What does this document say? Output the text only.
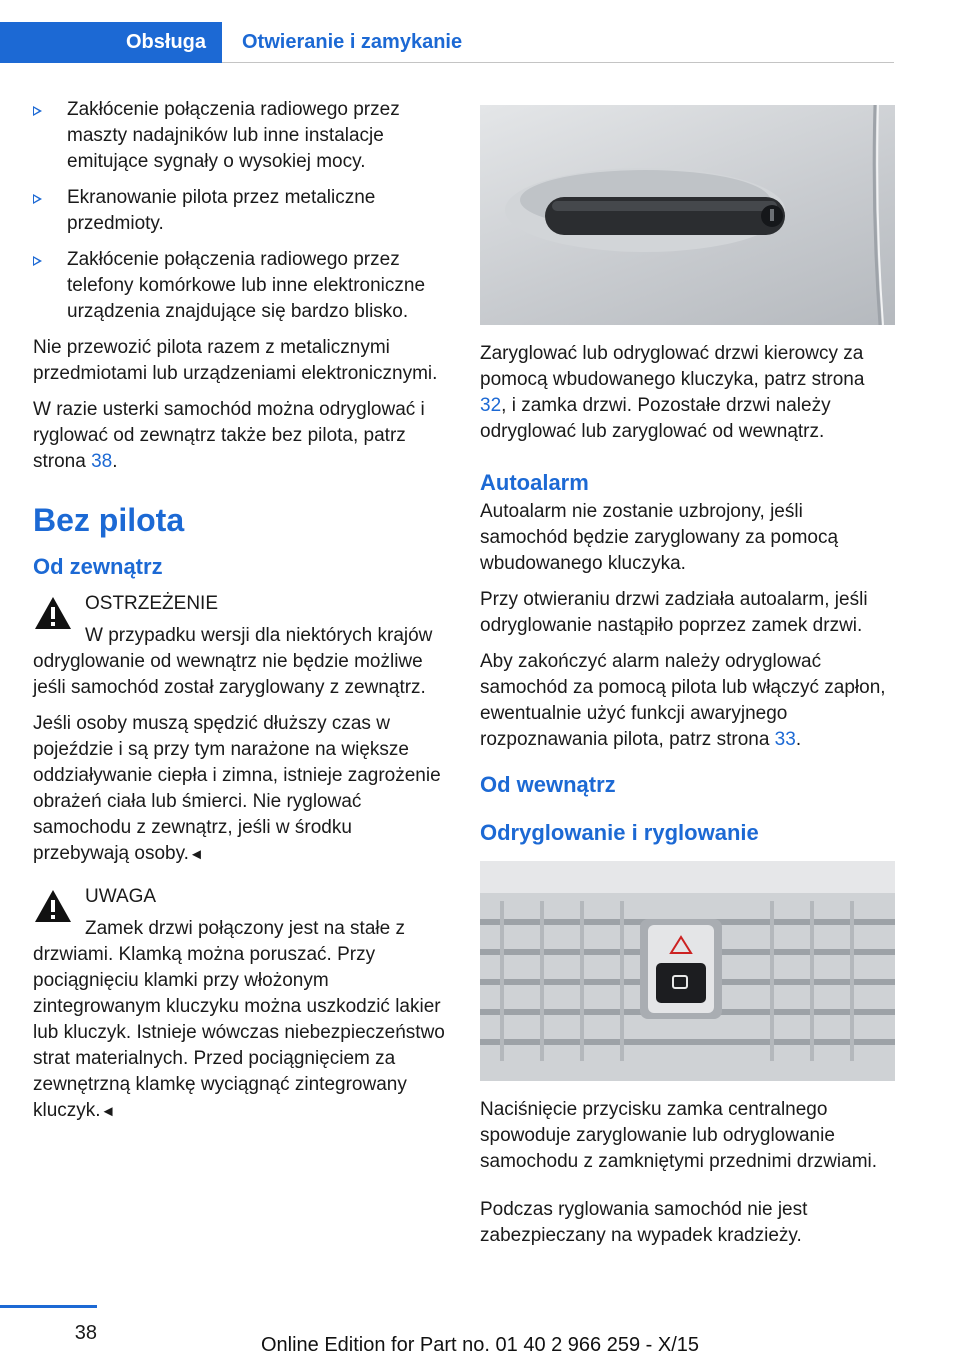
Obsługa	Otwieranie i zamykanie
Zakłócenie połączenia radiowego przez maszty nadajników lub inne instalacje emitujące sygnały o wysokiej mocy.
Ekranowanie pilota przez metaliczne przedmioty.
Zakłócenie połączenia radiowego przez telefony komórkowe lub inne elektroniczne urządzenia znajdujące się bardzo blisko.

Nie przewozić pilota razem z metalicznymi przedmiotami lub urządzeniami elektronicznymi.

W razie usterki samochód można odryglować i ryglować od zewnątrz także bez pilota, patrz strona 38.

Bez pilota
Od zewnątrz
OSTRZEŻENIE

W przypadku wersji dla niektórych krajów odryglowanie od wewnątrz nie będzie możliwe jeśli samochód został zaryglowany z zewnątrz.

Jeśli osoby muszą spędzić dłuższy czas w pojeździe i są przy tym narażone na większe oddziaływanie ciepła i zimna, istnieje zagrożenie obrażeń ciała lub śmierci. Nie ryglować samochodu z zewnątrz, jeśli w środku przebywają osoby.◄

UWAGA

Zamek drzwi połączony jest na stałe z drzwiami. Klamką można poruszać. Przy pociągnięciu klamki przy włożonym zintegrowanym kluczyku można uszkodzić lakier lub kluczyk. Istnieje wówczas niebezpieczeństwo strat materialnych. Przed pociągnięciem za zewnętrzną klamkę wyciągnąć zintegrowany kluczyk.◄

Zaryglować lub odryglować drzwi kierowcy za pomocą wbudowanego kluczyka, patrz strona 32, i zamka drzwi. Pozostałe drzwi należy odryglować lub zaryglować od wewnątrz.

Autoalarm

Autoalarm nie zostanie uzbrojony, jeśli samochód będzie zaryglowany za pomocą wbudowanego kluczyka.

Przy otwieraniu drzwi zadziała autoalarm, jeśli odryglowanie nastąpiło poprzez zamek drzwi.

Aby zakończyć alarm należy odryglować samochód za pomocą pilota lub włączyć zapłon, ewentualnie użyć funkcji awaryjnego rozpoznawania pilota, patrz strona 33.

Od wewnątrz
Odryglowanie i ryglowanie

Naciśnięcie przycisku zamka centralnego spowoduje zaryglowanie lub odryglowanie samochodu z zamkniętymi przednimi drzwiami.

Podczas ryglowania samochód nie jest zabezpieczany na wypadek kradzieży.

38
Online Edition for Part no. 01 40 2 966 259 - X/15
